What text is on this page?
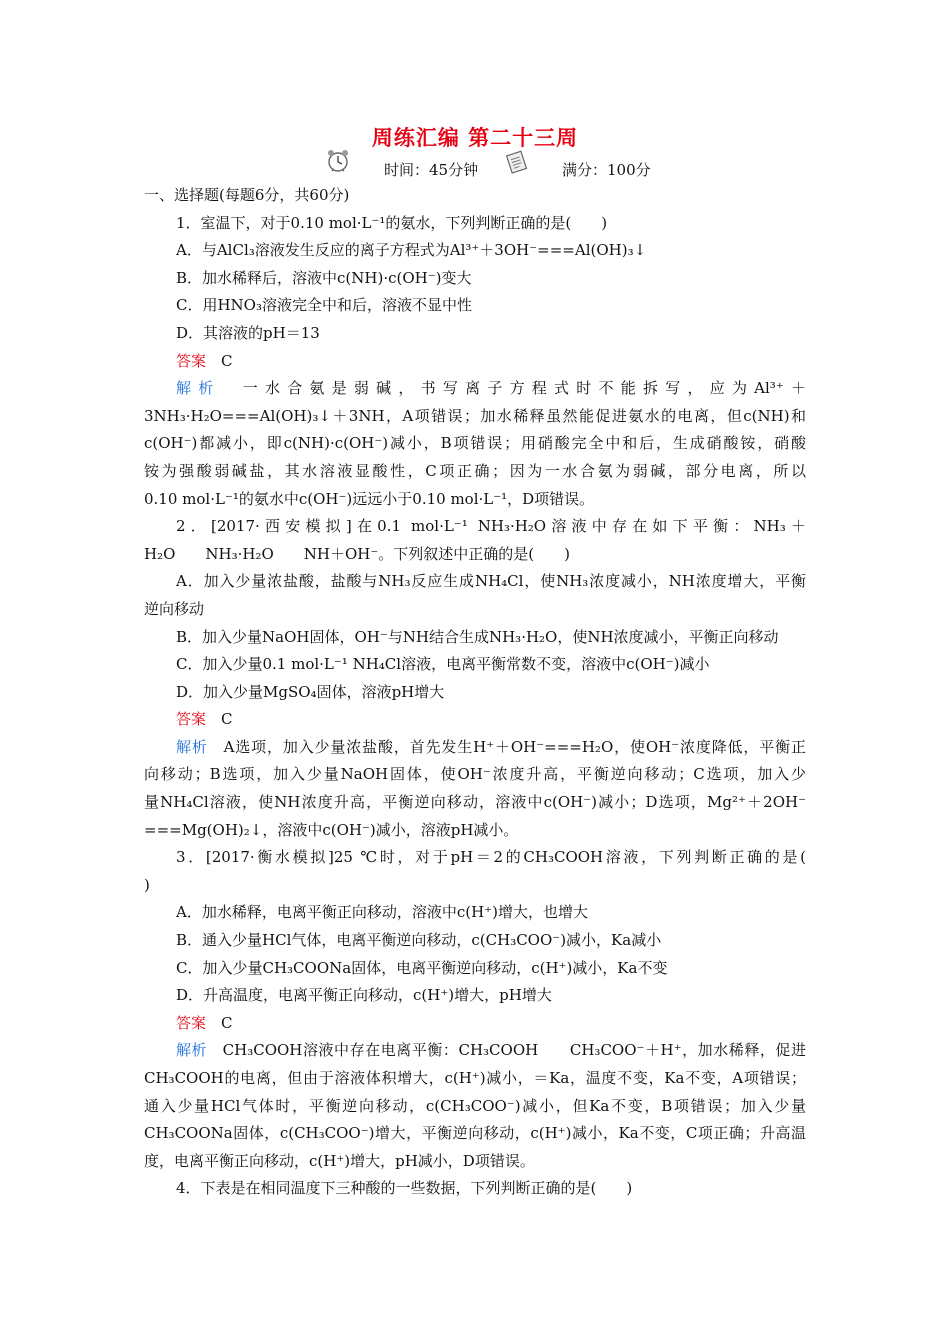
周练汇编 第二十三周
时间：45分钟	满分：100分
一、选择题(每题6分，共60分)
1．室温下，对于0.10 mol·L⁻¹的氨水，下列判断正确的是(　　)
A．与AlCl₃溶液发生反应的离子方程式为Al³⁺＋3OH⁻===Al(OH)₃↓
B．加水稀释后，溶液中c(NH)·c(OH⁻)变大
C．用HNO₃溶液完全中和后，溶液不显中性
D．其溶液的pH＝13
答案　C
解析　一水合氨是弱碱，书写离子方程式时不能拆写，应为Al³⁺＋
3NH₃·H₂O===Al(OH)₃↓＋3NH，A项错误；加水稀释虽然能促进氨水的电离，但c(NH)和
c(OH⁻)都减小，即c(NH)·c(OH⁻)减小，B项错误；用硝酸完全中和后，生成硝酸铵，硝酸
铵为强酸弱碱盐，其水溶液显酸性，C项正确；因为一水合氨为弱碱，部分电离，所以
0.10 mol·L⁻¹的氨水中c(OH⁻)远远小于0.10 mol·L⁻¹，D项错误。
2．[2017·西安模拟]在0.1 mol·L⁻¹ NH₃·H₂O溶液中存在如下平衡：NH₃＋
H₂O　　NH₃·H₂O　　NH＋OH⁻。下列叙述中正确的是(　　)
A．加入少量浓盐酸，盐酸与NH₃反应生成NH₄Cl，使NH₃浓度减小，NH浓度增大，平衡
逆向移动
B．加入少量NaOH固体，OH⁻与NH结合生成NH₃·H₂O，使NH浓度减小，平衡正向移动
C．加入少量0.1 mol·L⁻¹ NH₄Cl溶液，电离平衡常数不变，溶液中c(OH⁻)减小
D．加入少量MgSO₄固体，溶液pH增大
答案　C
解析　A选项，加入少量浓盐酸，首先发生H⁺＋OH⁻===H₂O，使OH⁻浓度降低，平衡正
向移动；B选项，加入少量NaOH固体，使OH⁻浓度升高，平衡逆向移动；C选项，加入少
量NH₄Cl溶液，使NH浓度升高，平衡逆向移动，溶液中c(OH⁻)减小；D选项，Mg²⁺＋2OH⁻
===Mg(OH)₂↓，溶液中c(OH⁻)减小，溶液pH减小。
3．[2017·衡水模拟]25 ℃时，对于pH＝2的CH₃COOH溶液，下列判断正确的是(
)
A．加水稀释，电离平衡正向移动，溶液中c(H⁺)增大，也增大
B．通入少量HCl气体，电离平衡逆向移动，c(CH₃COO⁻)减小，Ka减小
C．加入少量CH₃COONa固体，电离平衡逆向移动，c(H⁺)减小，Ka不变
D．升高温度，电离平衡正向移动，c(H⁺)增大，pH增大
答案　C
解析　CH₃COOH溶液中存在电离平衡：CH₃COOH　　CH₃COO⁻＋H⁺，加水稀释，促进
CH₃COOH的电离，但由于溶液体积增大，c(H⁺)减小，＝Ka，温度不变，Ka不变，A项错误；
通入少量HCl气体时，平衡逆向移动，c(CH₃COO⁻)减小，但Ka不变，B项错误；加入少量
CH₃COONa固体，c(CH₃COO⁻)增大，平衡逆向移动，c(H⁺)减小，Ka不变，C项正确；升高温
度，电离平衡正向移动，c(H⁺)增大，pH减小，D项错误。
4．下表是在相同温度下三种酸的一些数据，下列判断正确的是(　　)
